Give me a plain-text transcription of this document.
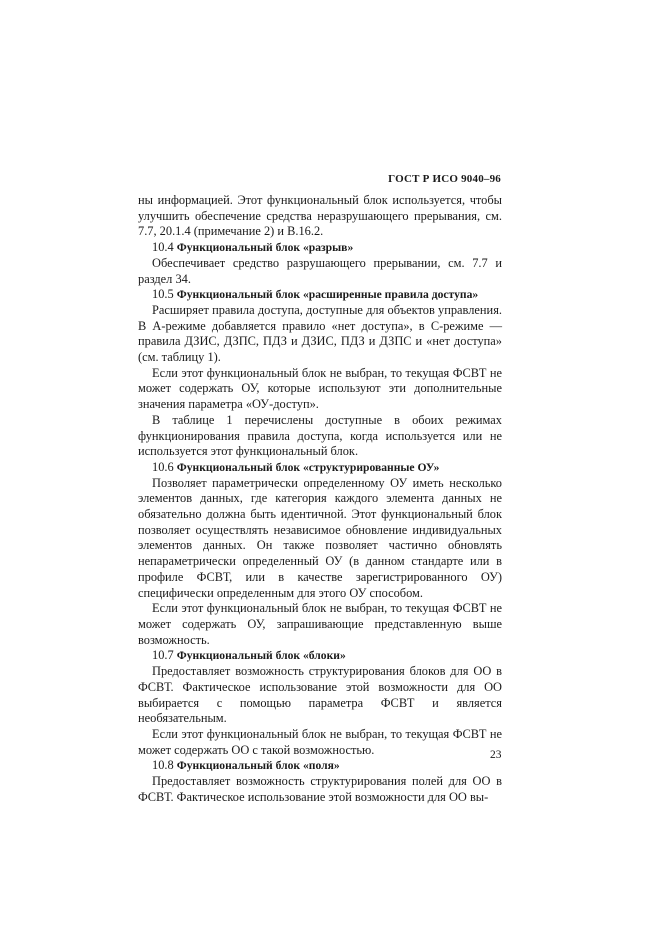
ГОСТ Р ИСО 9040–96

ны информацией. Этот функциональный блок используется, чтобы улучшить обеспечение средства неразрушающего прерывания, см. 7.7, 20.1.4 (примечание 2) и В.16.2.

10.4 Функциональный блок «разрыв»

Обеспечивает средство разрушающего прерывании, см. 7.7 и раздел 34.

10.5 Функциональный блок «расширенные правила доступа»

Расширяет правила доступа, доступные для объектов управления. В А-режиме добавляется правило «нет доступа», в С-режиме — правила ДЗИС, ДЗПС, ПДЗ и ДЗИС, ПДЗ и ДЗПС и «нет доступа» (см. таблицу 1).

Если этот функциональный блок не выбран, то текущая ФСВТ не может содержать ОУ, которые используют эти дополнительные значения параметра «ОУ-доступ».

В таблице 1 перечислены доступные в обоих режимах функционирования правила доступа, когда используется или не используется этот функциональный блок.

10.6 Функциональный блок «структурированные ОУ»

Позволяет параметрически определенному ОУ иметь несколько элементов данных, где категория каждого элемента данных не обязательно должна быть идентичной. Этот функциональный блок позволяет осуществлять независимое обновление индивидуальных элементов данных. Он также позволяет частично обновлять непараметрически определенный ОУ (в данном стандарте или в профиле ФСВТ, или в качестве зарегистрированного ОУ) специфически определенным для этого ОУ способом.

Если этот функциональный блок не выбран, то текущая ФСВТ не может содержать ОУ, запрашивающие представленную выше возможность.

10.7 Функциональный блок «блоки»

Предоставляет возможность структурирования блоков для ОО в ФСВТ. Фактическое использование этой возможности для ОО выбирается с помощью параметра ФСВТ и является необязательным.

Если этот функциональный блок не выбран, то текущая ФСВТ не может содержать ОО с такой возможностью.

10.8 Функциональный блок «поля»

Предоставляет возможность структурирования полей для ОО в ФСВТ. Фактическое использование этой возможности для ОО вы-

23
